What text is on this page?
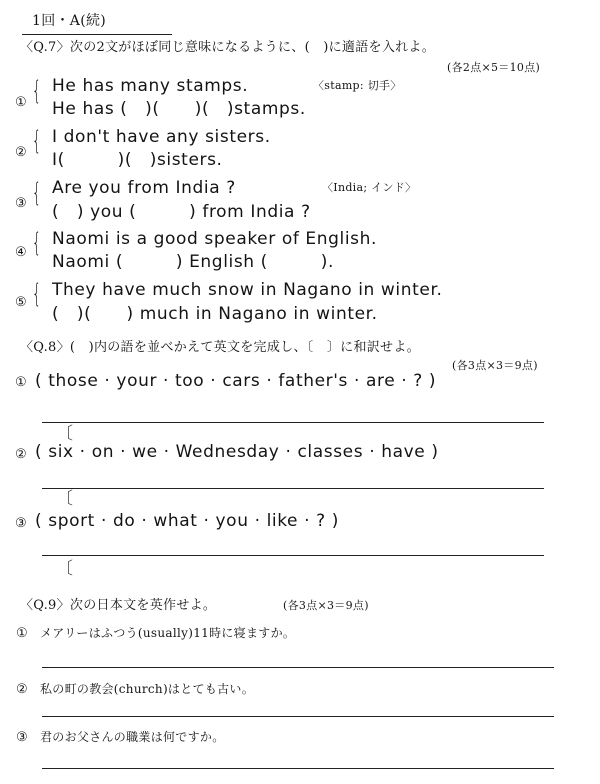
1回・A(続)
〈Q.7〉次の2文がほぼ同じ意味になるように、(　)に適語を入れよ。
(各2点×5＝10点)
① { He has many stamps.	〈stamp: 切手〉
He has (　)(　　)(　)stamps.
② { I don't have any sisters.
I(　　　)(　)sisters.
③ { Are you from India ?	〈India; インド〉
(　) you (　　　) from India ?
④ { Naomi is a good speaker of English.
Naomi (　　　) English (　　　).
⑤ { They have much snow in Nagano in winter.
(　)(　　) much in Nagano in winter.
〈Q.8〉(　)内の語を並べかえて英文を完成し、〔　〕に和訳せよ。
(各3点×3＝9点)
① ( those · your · too · cars · father's · are · ? )
〔
② ( six · on · we · Wednesday · classes · have )
〔
③ ( sport · do · what · you · like · ? )
〔
〈Q.9〉次の日本文を英作せよ。	(各3点×3＝9点)
① メアリーはふつう(usually)11時に寝ますか。
② 私の町の教会(church)はとても古い。
③ 君のお父さんの職業は何ですか。
